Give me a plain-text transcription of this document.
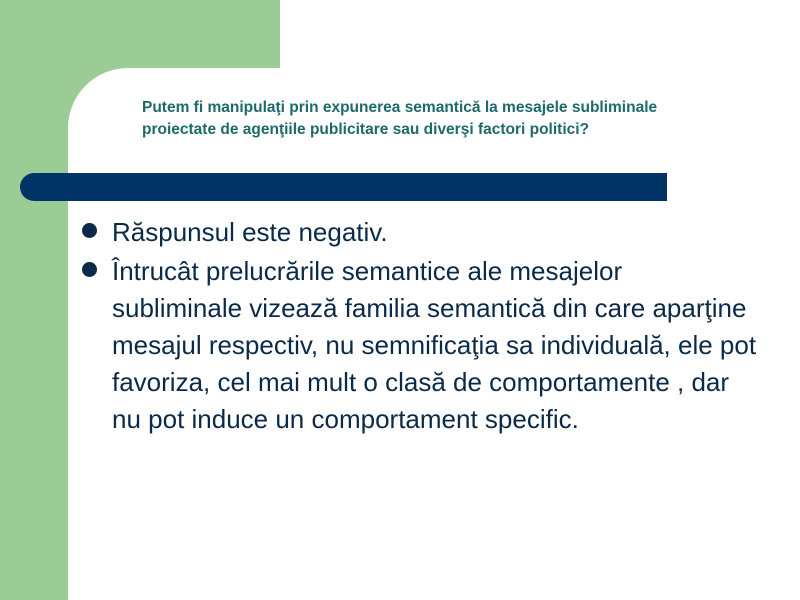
Putem fi manipulaţi prin expunerea semantică la mesajele subliminale proiectate de agenţiile publicitare sau diverşi factori politici?
Răspunsul este negativ.
Întrucât prelucrările semantice ale mesajelor subliminale vizează familia semantică din care aparţine mesajul respectiv, nu semnificaţia sa individuală, ele pot favoriza, cel mai mult o clasă de comportamente , dar nu pot induce un comportament specific.
